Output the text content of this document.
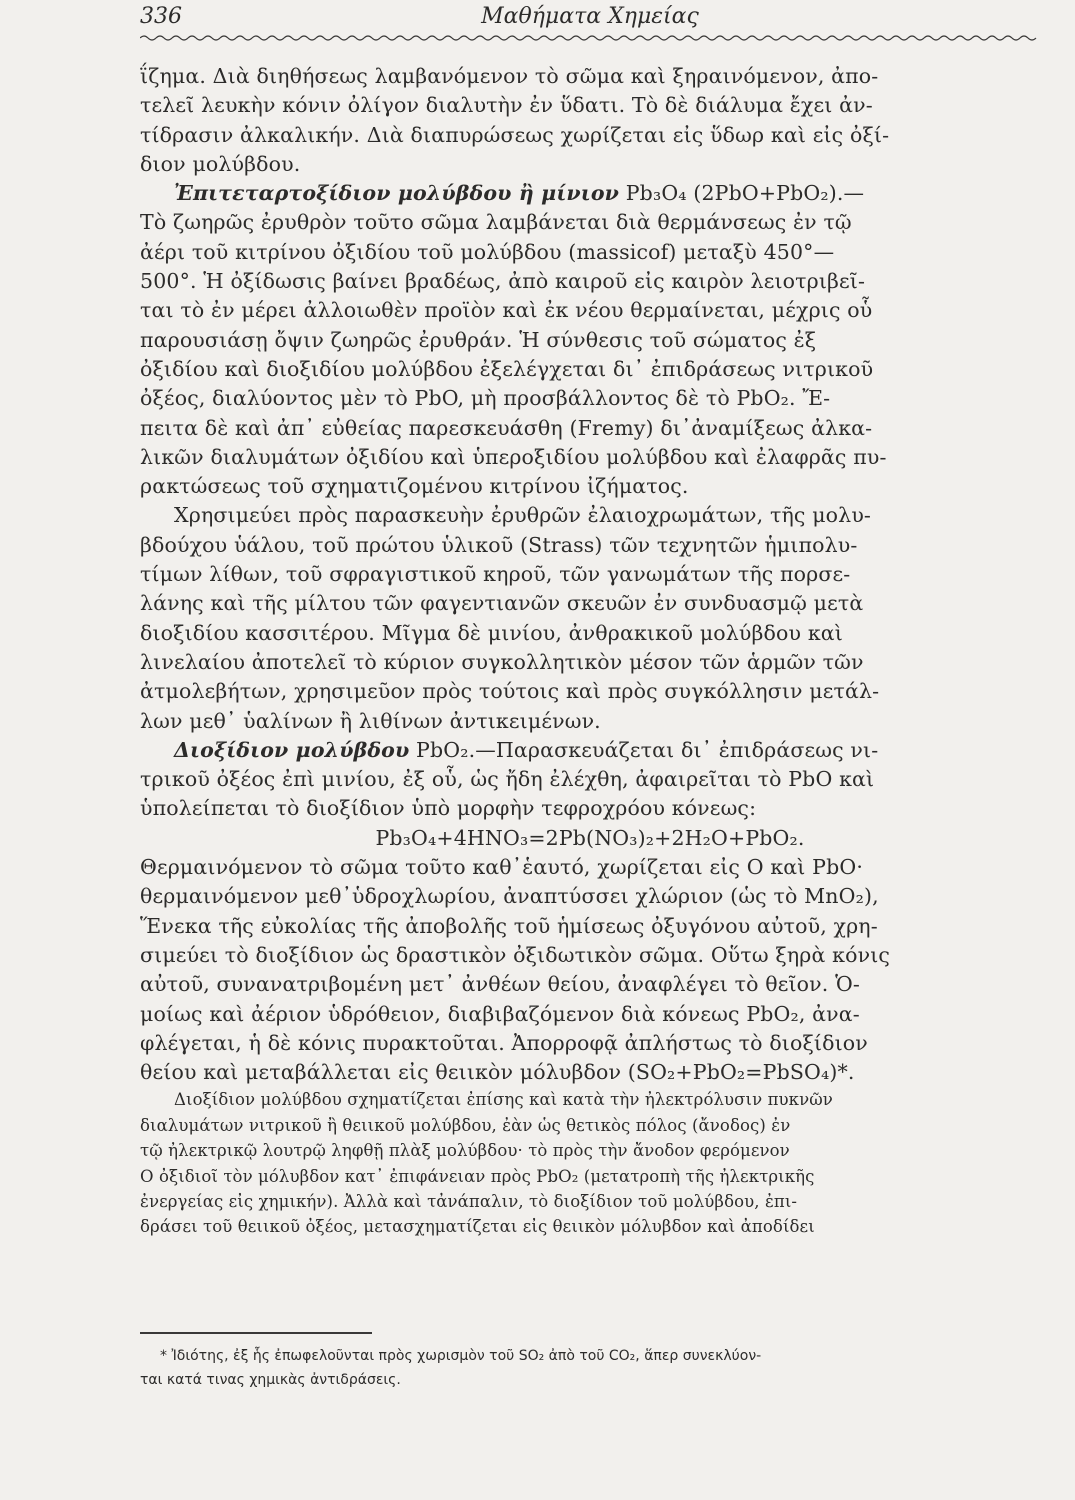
336	Μαθήματα Χημείας
ΐζημα. Διὰ διηθήσεως λαμβανόμενον τὸ σῶμα καὶ ξηραινόμενον, ἀπο-
τελεῖ λευκὴν κόνιν ὀλίγον διαλυτὴν ἐν ὕδατι. Τὸ δὲ διάλυμα ἔχει ἀν-
τίδρασιν ἀλκαλικήν. Διὰ διαπυρώσεως χωρίζεται εἰς ὕδωρ καὶ εἰς ὀξί-
διον μολύβδου.
Ἐπιτεταρτοξίδιον μολύβδου ἢ μίνιον Pb₃O₄ (2PbO+PbO₂).—
Τὸ ζωηρῶς ἐρυθρὸν τοῦτο σῶμα λαμβάνεται διὰ θερμάνσεως ἐν τῷ
ἀέρι τοῦ κιτρίνου ὀξιδίου τοῦ μολύβδου (massicof) μεταξὺ 450°—
500°. Ἡ ὀξίδωσις βαίνει βραδέως, ἀπὸ καιροῦ εἰς καιρὸν λειοτριβεῖ-
ται τὸ ἐν μέρει ἀλλοιωθὲν προϊὸν καὶ ἐκ νέου θερμαίνεται, μέχρις οὗ
παρουσιάσῃ ὄψιν ζωηρῶς ἐρυθράν. Ἡ σύνθεσις τοῦ σώματος ἐξ
ὀξιδίου καὶ διοξιδίου μολύβδου ἐξελέγχεται δι᾿ ἐπιδράσεως νιτρικοῦ
ὀξέος, διαλύοντος μὲν τὸ PbO, μὴ προσβάλλοντος δὲ τὸ PbO₂. Ἔ-
πειτα δὲ καὶ ἀπ᾿ εὐθείας παρεσκευάσθη (Fremy) δι᾿ἀναμίξεως ἀλκα-
λικῶν διαλυμάτων ὀξιδίου καὶ ὑπεροξιδίου μολύβδου καὶ ἐλαφρᾶς πυ-
ρακτώσεως τοῦ σχηματιζομένου κιτρίνου ἰζήματος.
Χρησιμεύει πρὸς παρασκευὴν ἐρυθρῶν ἐλαιοχρωμάτων, τῆς μολυ-
βδούχου ὑάλου, τοῦ πρώτου ὑλικοῦ (Strass) τῶν τεχνητῶν ἡμιπολυ-
τίμων λίθων, τοῦ σφραγιστικοῦ κηροῦ, τῶν γανωμάτων τῆς πορσε-
λάνης καὶ τῆς μίλτου τῶν φαγεντιανῶν σκευῶν ἐν συνδυασμῷ μετὰ
διοξιδίου κασσιτέρου. Μῖγμα δὲ μινίου, ἀνθρακικοῦ μολύβδου καὶ
λινελαίου ἀποτελεῖ τὸ κύριον συγκολλητικὸν μέσον τῶν ἁρμῶν τῶν
ἀτμολεβήτων, χρησιμεῦον πρὸς τούτοις καὶ πρὸς συγκόλλησιν μετάλ-
λων μεθ᾿ ὑαλίνων ἢ λιθίνων ἀντικειμένων.
Διοξίδιον μολύβδου PbO₂.—Παρασκευάζεται δι᾿ ἐπιδράσεως νι-
τρικοῦ ὀξέος ἐπὶ μινίου, ἐξ οὗ, ὡς ἤδη ἐλέχθη, ἀφαιρεῖται τὸ PbO καὶ
ὑπολείπεται τὸ διοξίδιον ὑπὸ μορφὴν τεφροχρόου κόνεως:
Pb₃O₄+4HNO₃=2Pb(NO₃)₂+2H₂O+PbO₂.
Θερμαινόμενον τὸ σῶμα τοῦτο καθ᾿ἑαυτό, χωρίζεται εἰς Ο καὶ PbO·
θερμαινόμενον μεθ᾿ὑδροχλωρίου, ἀναπτύσσει χλώριον (ὡς τὸ MnO₂),
Ἕνεκα τῆς εὐκολίας τῆς ἀποβολῆς τοῦ ἡμίσεως ὀξυγόνου αὐτοῦ, χρη-
σιμεύει τὸ διοξίδιον ὡς δραστικὸν ὀξιδωτικὸν σῶμα. Οὕτω ξηρὰ κόνις
αὐτοῦ, συνανατριβομένη μετ᾿ ἀνθέων θείου, ἀναφλέγει τὸ θεῖον. Ὁ-
μοίως καὶ ἀέριον ὑδρόθειον, διαβιβαζόμενον διὰ κόνεως PbO₂, ἀνα-
φλέγεται, ἡ δὲ κόνις πυρακτοῦται. Ἀπορροφᾷ ἀπλήστως τὸ διοξίδιον
θείου καὶ μεταβάλλεται εἰς θειικὸν μόλυβδον (SO₂+PbO₂=PbSO₄)*.
Διοξίδιον μολύβδου σχηματίζεται ἐπίσης καὶ κατὰ τὴν ἠλεκτρόλυσιν πυκνῶν
διαλυμάτων νιτρικοῦ ἢ θειικοῦ μολύβδου, ἐὰν ὡς θετικὸς πόλος (ἄνοδος) ἐν
τῷ ἠλεκτρικῷ λουτρῷ ληφθῇ πλὰξ μολύβδου· τὸ πρὸς τὴν ἄνοδον φερόμενον
Ο ὀξιδιοῖ τὸν μόλυβδον κατ᾿ ἐπιφάνειαν πρὸς PbO₂ (μετατροπὴ τῆς ἠλεκτρικῆς
ἐνεργείας εἰς χημικήν). Ἀλλὰ καὶ τἀνάπαλιν, τὸ διοξίδιον τοῦ μολύβδου, ἐπι-
δράσει τοῦ θειικοῦ ὀξέος, μετασχηματίζεται εἰς θειικὸν μόλυβδον καὶ ἀποδίδει
* Ἰδιότης, ἐξ ἧς ἐπωφελοῦνται πρὸς χωρισμὸν τοῦ SO₂ ἀπὸ τοῦ CO₂, ἅπερ συνεκλύον-
ται κατά τινας χημικὰς ἀντιδράσεις.
